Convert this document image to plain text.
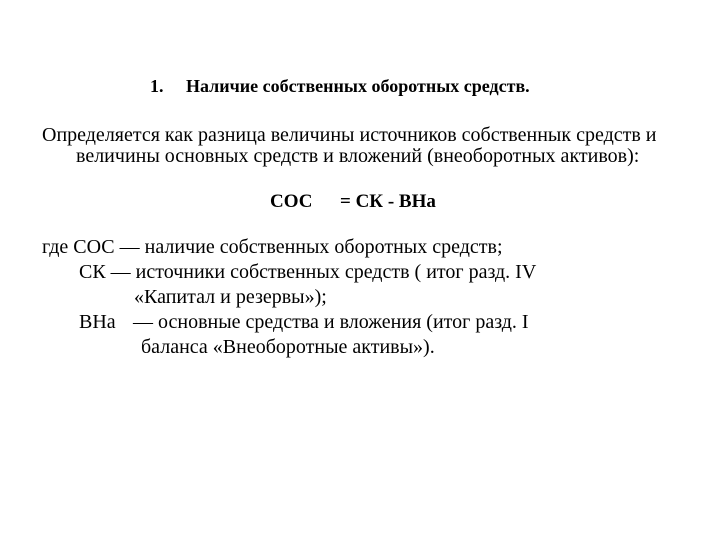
1. Наличие собственных оборотных средств.
Определяется как разница величины источников собственнык средств и
величины основных средств и вложений (внеоборотных активов):
СОС = СК - ВНа
где СОС — наличие собственных оборотных средств;
СК — источники собственных средств ( итог разд. IV
«Капитал и резервы»);
ВНа — основные средства и вложения (итог разд. I
баланса «Внеоборотные активы»).
